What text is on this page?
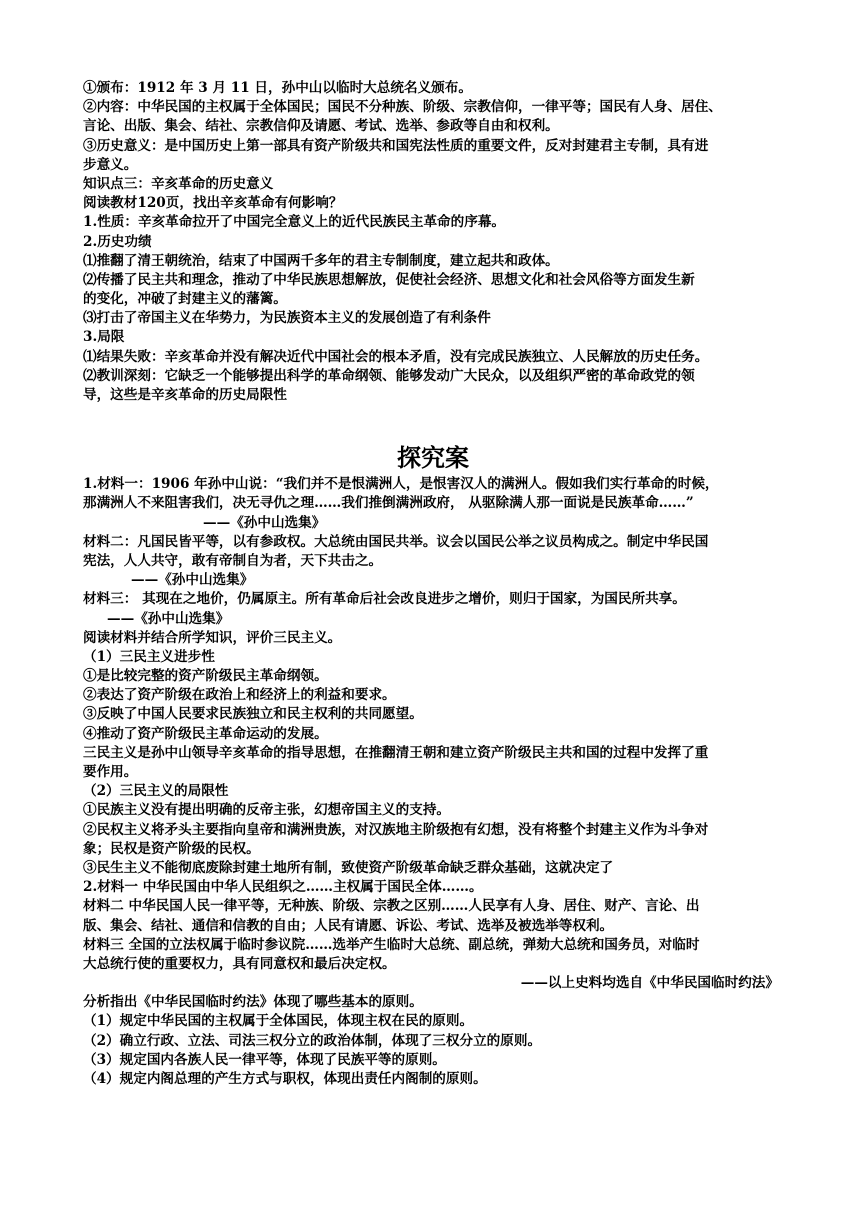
①颁布：1912 年 3 月 11 日，孙中山以临时大总统名义颁布。
②内容：中华民国的主权属于全体国民；国民不分种族、阶级、宗教信仰，一律平等；国民有人身、居住、
言论、出版、集会、结社、宗教信仰及请愿、考试、选举、参政等自由和权利。
③历史意义：是中国历史上第一部具有资产阶级共和国宪法性质的重要文件，反对封建君主专制，具有进
步意义。
知识点三：辛亥革命的历史意义
阅读教材120页，找出辛亥革命有何影响？
1.性质：辛亥革命拉开了中国完全意义上的近代民族民主革命的序幕。
2.历史功绩
⑴推翻了清王朝统治，结束了中国两千多年的君主专制制度，建立起共和政体。
⑵传播了民主共和理念，推动了中华民族思想解放，促使社会经济、思想文化和社会风俗等方面发生新
的变化，冲破了封建主义的藩篱。
⑶打击了帝国主义在华势力，为民族资本主义的发展创造了有利条件
3.局限
⑴结果失败：辛亥革命并没有解决近代中国社会的根本矛盾，没有完成民族独立、人民解放的历史任务。
⑵教训深刻：它缺乏一个能够提出科学的革命纲领、能够发动广大民众，以及组织严密的革命政党的领
导，这些是辛亥革命的历史局限性
探究案
1.材料一：1906 年孙中山说：“我们并不是恨满洲人，是恨害汉人的满洲人。假如我们实行革命的时候，
那满洲人不来阻害我们，决无寻仇之理……我们推倒满洲政府， 从驱除满人那一面说是民族革命……”
——《孙中山选集》
材料二：凡国民皆平等，以有参政权。大总统由国民共举。议会以国民公举之议员构成之。制定中华民国
宪法，人人共守，敢有帝制自为者，天下共击之。
——《孙中山选集》
材料三： 其现在之地价，仍属原主。所有革命后社会改良进步之增价，则归于国家，为国民所共享。
——《孙中山选集》
阅读材料并结合所学知识，评价三民主义。
（1）三民主义进步性
①是比较完整的资产阶级民主革命纲领。
②表达了资产阶级在政治上和经济上的利益和要求。
③反映了中国人民要求民族独立和民主权利的共同愿望。
④推动了资产阶级民主革命运动的发展。
三民主义是孙中山领导辛亥革命的指导思想，在推翻清王朝和建立资产阶级民主共和国的过程中发挥了重
要作用。
（2）三民主义的局限性
①民族主义没有提出明确的反帝主张，幻想帝国主义的支持。
②民权主义将矛头主要指向皇帝和满洲贵族，对汉族地主阶级抱有幻想，没有将整个封建主义作为斗争对
象；民权是资产阶级的民权。
③民生主义不能彻底废除封建土地所有制，致使资产阶级革命缺乏群众基础，这就决定了
2.材料一 中华民国由中华人民组织之……主权属于国民全体……。
材料二 中华民国人民一律平等，无种族、阶级、宗教之区别……人民享有人身、居住、财产、言论、出
版、集会、结社、通信和信教的自由；人民有请愿、诉讼、考试、选举及被选举等权利。
材料三 全国的立法权属于临时参议院……选举产生临时大总统、副总统，弹劾大总统和国务员，对临时
大总统行使的重要权力，具有同意权和最后决定权。
——以上史料均选自《中华民国临时约法》
分析指出《中华民国临时约法》体现了哪些基本的原则。
（1）规定中华民国的主权属于全体国民，体现主权在民的原则。
（2）确立行政、立法、司法三权分立的政治体制，体现了三权分立的原则。
（3）规定国内各族人民一律平等，体现了民族平等的原则。
（4）规定内阁总理的产生方式与职权，体现出责任内阁制的原则。
